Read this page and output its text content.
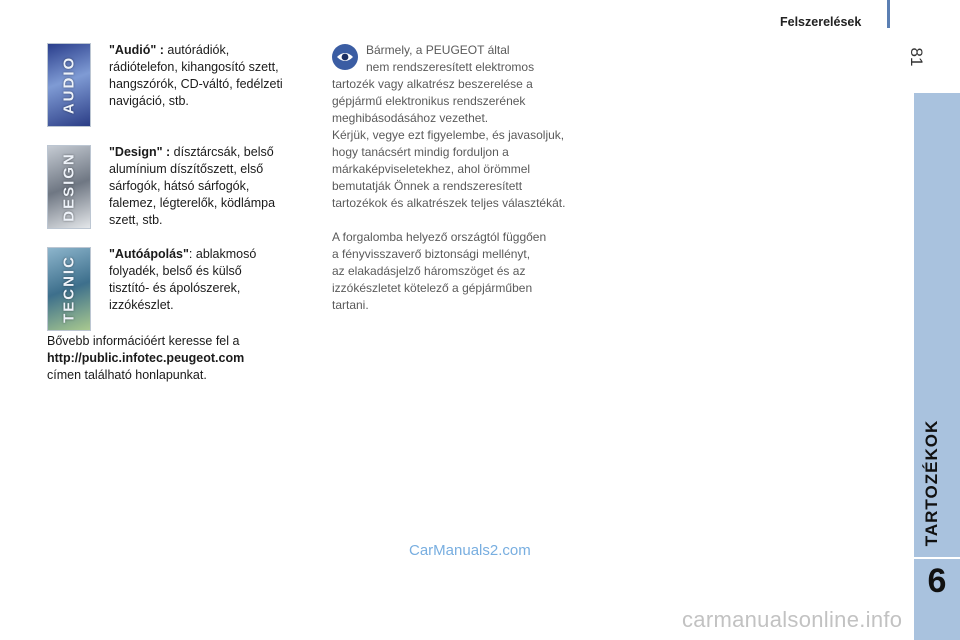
Felszerelések
81
TARTOZÉKOK
6
AUDIO
DESIGN
TECNIC
"Audió" : autórádiók,
rádiótelefon, kihangosító szett,
hangszórók, CD-váltó, fedélzeti
navigáció, stb.
"Design" : dísztárcsák, belső
alumínium díszítőszett, első
sárfogók, hátsó sárfogók,
falemez, légterelők, ködlámpa
szett, stb.
"Autóápolás": ablakmosó
folyadék, belső és külső
tisztító- és ápolószerek,
izzókészlet.
Bővebb információért keresse fel a
http://public.infotec.peugeot.com
címen található honlapunkat.
Bármely, a PEUGEOT által
nem rendszeresített elektromos
tartozék vagy alkatrész beszerelése a
gépjármű elektronikus rendszerének
meghibásodásához vezethet.
Kérjük, vegye ezt figyelembe, és javasoljuk,
hogy tanácsért mindig forduljon a
márkaképviseletekhez, ahol örömmel
bemutatják Önnek a rendszeresített
tartozékok és alkatrészek teljes választékát.
A forgalomba helyező országtól függően
a fényvisszaverő biztonsági mellényt,
az elakadásjelző háromszöget és az
izzókészletet kötelező a gépjárműben
tartani.
CarManuals2.com
carmanualsonline.info
